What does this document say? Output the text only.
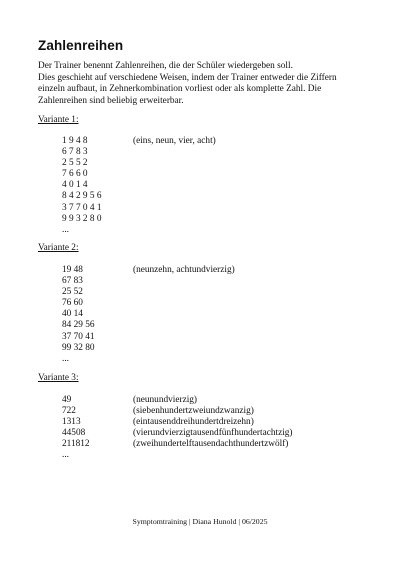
Zahlenreihen
Der Trainer benennt Zahlenreihen, die der Schüler wiedergeben soll.
Dies geschieht auf verschiedene Weisen, indem der Trainer entweder die Ziffern
einzeln aufbaut, in Zehnerkombination vorliest oder als komplette Zahl. Die
Zahlenreihen sind beliebig erweiterbar.
Variante 1:
1 9 4 8	(eins, neun, vier, acht)
6 7 8 3
2 5 5 2
7 6 6 0
4 0 1 4
8 4 2 9 5 6
3 7 7 0 4 1
9 9 3 2 8 0
...
Variante 2:
19 48	(neunzehn, achtundvierzig)
67 83
25 52
76 60
40 14
84 29 56
37 70 41
99 32 80
...
Variante 3:
49	(neunundvierzig)
722	(siebenhundertzweiundzwanzig)
1313	(eintausenddreihundertdreizehn)
44508	(vierundvierzigtausendfünfhundertachtzig)
211812	(zweihundertelftausendachthundertzwölf)
...
Symptomtraining | Diana Hunold | 06/2025
